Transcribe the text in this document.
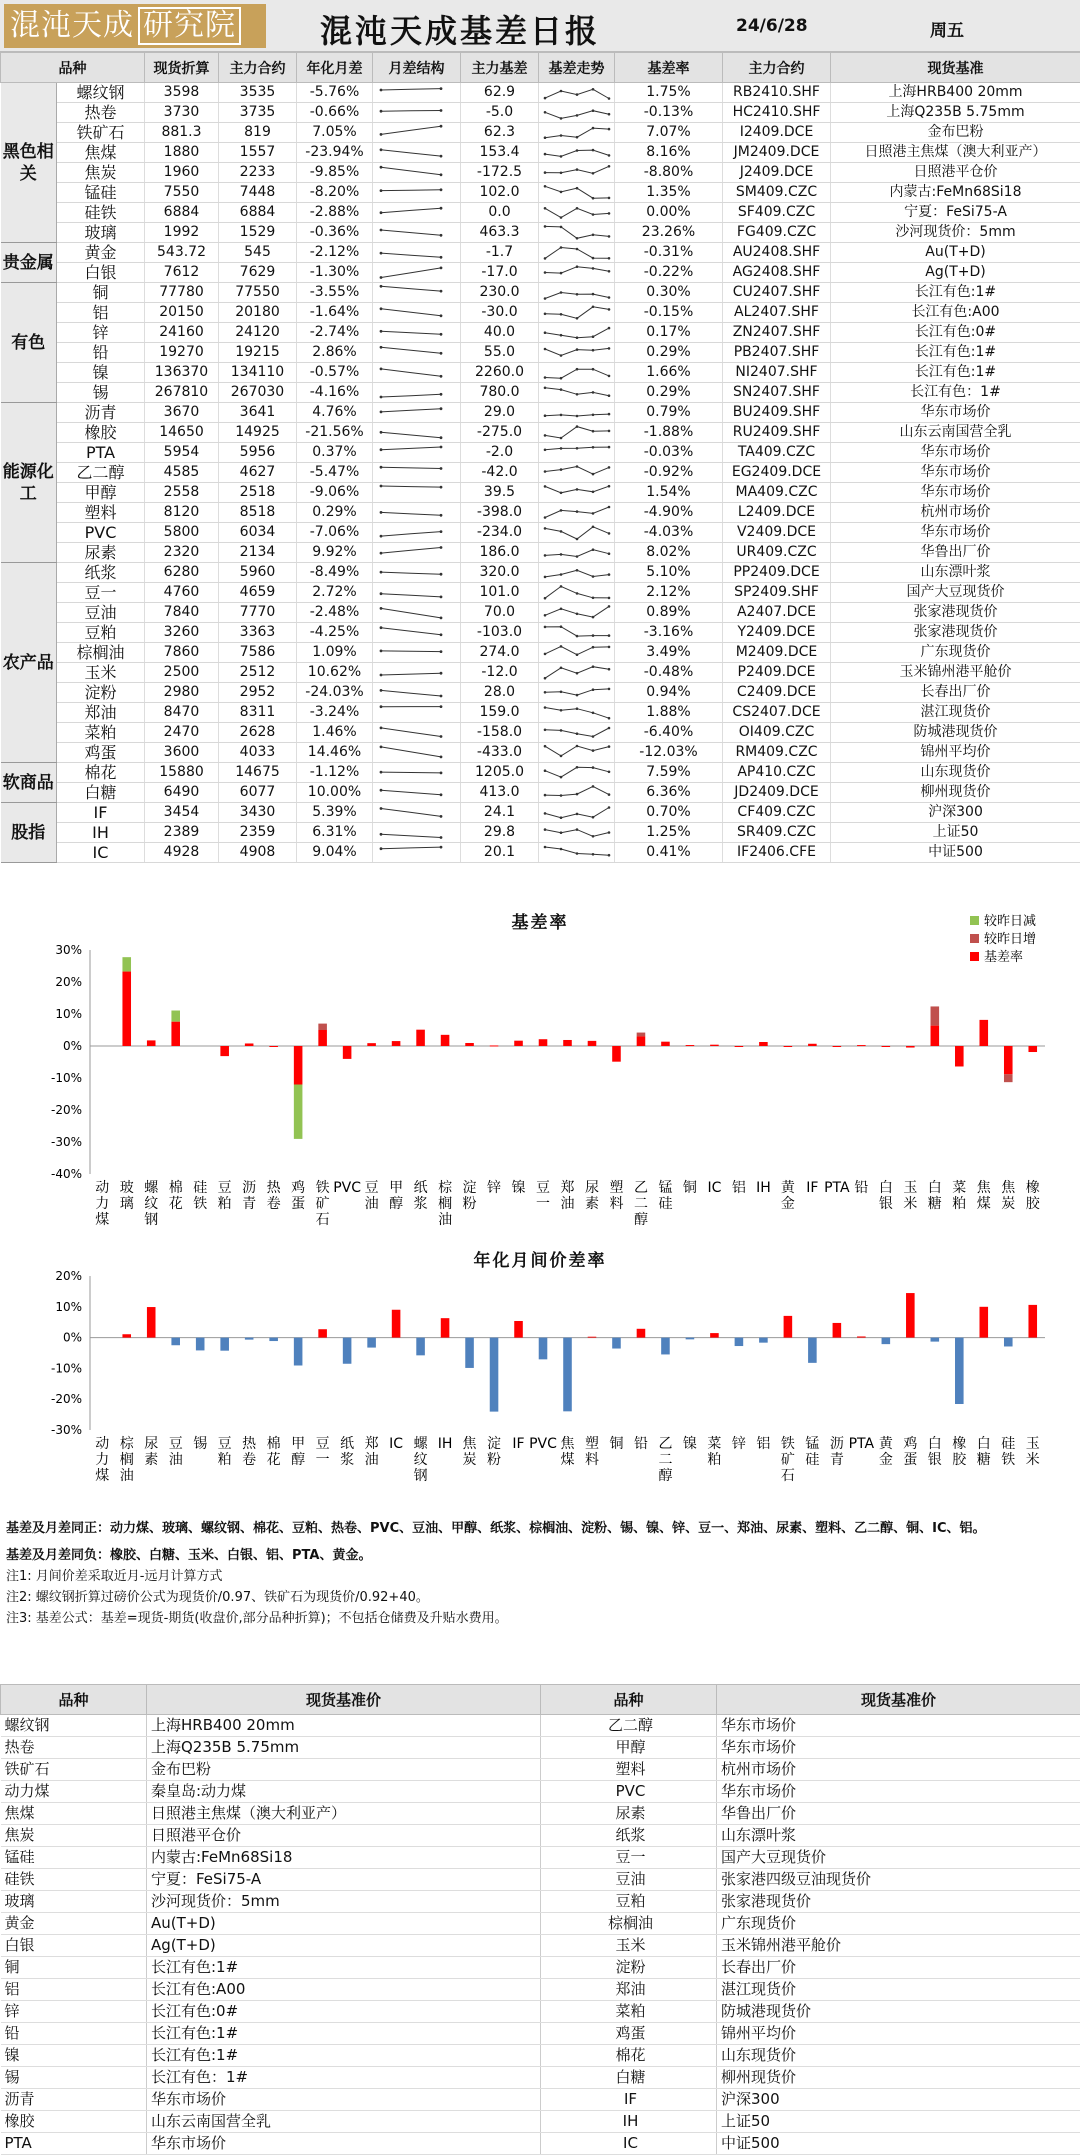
混沌天成 研究院	混沌天成基差日报	24/6/28	周五
品种		现货折算	主力合约	年化月差	月差结构	主力基差	基差走势	基差率	主力合约	现货基准
黑色相关	螺纹钢	3598	3535	-5.76%		62.9		1.75%	RB2410.SHF	上海HRB400 20mm
	热卷	3730	3735	-0.66%		-5.0		-0.13%	HC2410.SHF	上海Q235B 5.75mm
	铁矿石	881.3	819	7.05%		62.3		7.07%	I2409.DCE	金布巴粉
	焦煤	1880	1557	-23.94%		153.4		8.16%	JM2409.DCE	日照港主焦煤（澳大利亚产）
	焦炭	1960	2233	-9.85%		-172.5		-8.80%	J2409.DCE	日照港平仓价
	锰硅	7550	7448	-8.20%		102.0		1.35%	SM409.CZC	内蒙古:FeMn68Si18
	硅铁	6884	6884	-2.88%		0.0		0.00%	SF409.CZC	宁夏：FeSi75-A
	玻璃	1992	1529	-0.36%		463.3		23.26%	FG409.CZC	沙河现货价：5mm
贵金属	黄金	543.72	545	-2.12%		-1.7		-0.31%	AU2408.SHF	Au(T+D)
	白银	7612	7629	-1.30%		-17.0		-0.22%	AG2408.SHF	Ag(T+D)
有色	铜	77780	77550	-3.55%		230.0		0.30%	CU2407.SHF	长江有色:1#
	铝	20150	20180	-1.64%		-30.0		-0.15%	AL2407.SHF	长江有色:A00
	锌	24160	24120	-2.74%		40.0		0.17%	ZN2407.SHF	长江有色:0#
	铅	19270	19215	2.86%		55.0		0.29%	PB2407.SHF	长江有色:1#
	镍	136370	134110	-0.57%		2260.0		1.66%	NI2407.SHF	长江有色:1#
	锡	267810	267030	-4.16%		780.0		0.29%	SN2407.SHF	长江有色：1#
能源化工	沥青	3670	3641	4.76%		29.0		0.79%	BU2409.SHF	华东市场价
	橡胶	14650	14925	-21.56%		-275.0		-1.88%	RU2409.SHF	山东云南国营全乳
	PTA	5954	5956	0.37%		-2.0		-0.03%	TA409.CZC	华东市场价
	乙二醇	4585	4627	-5.47%		-42.0		-0.92%	EG2409.DCE	华东市场价
	甲醇	2558	2518	-9.06%		39.5		1.54%	MA409.CZC	华东市场价
	塑料	8120	8518	0.29%		-398.0		-4.90%	L2409.DCE	杭州市场价
	PVC	5800	6034	-7.06%		-234.0		-4.03%	V2409.DCE	华东市场价
	尿素	2320	2134	9.92%		186.0		8.02%	UR409.CZC	华鲁出厂价
农产品	纸浆	6280	5960	-8.49%		320.0		5.10%	PP2409.DCE	山东漂叶浆
	豆一	4760	4659	2.72%		101.0		2.12%	SP2409.SHF	国产大豆现货价
	豆油	7840	7770	-2.48%		70.0		0.89%	A2407.DCE	张家港现货价
	豆粕	3260	3363	-4.25%		-103.0		-3.16%	Y2409.DCE	张家港现货价
	棕榈油	7860	7586	1.09%		274.0		3.49%	M2409.DCE	广东现货价
	玉米	2500	2512	10.62%		-12.0		-0.48%	P2409.DCE	玉米锦州港平舱价
	淀粉	2980	2952	-24.03%		28.0		0.94%	C2409.DCE	长春出厂价
	郑油	8470	8311	-3.24%		159.0		1.88%	CS2407.DCE	湛江现货价
	菜粕	2470	2628	1.46%		-158.0		-6.40%	OI409.CZC	防城港现货价
	鸡蛋	3600	4033	14.46%		-433.0		-12.03%	RM409.CZC	锦州平均价
软商品	棉花	15880	14675	-1.12%		1205.0		7.59%	AP410.CZC	山东现货价
	白糖	6490	6077	10.00%		413.0		6.36%	JD2409.DCE	柳州现货价
股指	IF	3454	3430	5.39%		24.1		0.70%	CF409.CZC	沪深300
	IH	2389	2359	6.31%		29.8		1.25%	SR409.CZC	上证50
	IC	4928	4908	9.04%		20.1		0.41%	IF2406.CFE	中证500
基差率
30%
20%
10%
0%
-10%
-20%
-30%
-40%
动力煤
玻璃
螺纹钢
棉花
硅铁
豆粕
沥青
热卷
鸡蛋
铁矿石
PVC 豆油
甲醇
纸浆
棕榈油
淀粉
锌 镍 豆一
郑油
尿素
塑料
乙二醇
锰硅
铜 IC 铝 IH 黄金
IF PTA 铅 白银
玉米
白糖
菜粕
焦煤
焦炭
橡胶
较昨日减
较昨日增
基差率
年化月间价差率
20%
10%
0%
-10%
-20%
-30%
动力煤
棕榈油
尿素
豆油
锡 豆粕
热卷
棉花
甲醇
豆一
纸浆
郑油
IC 螺纹钢
IH 焦炭
淀粉
IF PVC 焦煤
塑料
铜 铅 乙二醇
镍 菜粕
锌 铝 铁矿石
锰硅
沥青
PTA 黄金
鸡蛋
白银
橡胶
白糖
硅铁
玉米
基差及月差同正：动力煤、玻璃、螺纹钢、棉花、豆粕、热卷、PVC、豆油、甲醇、纸浆、棕榈油、淀粉、锡、镍、锌、豆一、郑油、尿素、塑料、乙二醇、铜、IC、铝。
基差及月差同负：橡胶、白糖、玉米、白银、铝、PTA、黄金。
注1: 月间价差采取近月-远月计算方式
注2: 螺纹钢折算过磅价公式为现货价/0.97、铁矿石为现货价/0.92+40。
注3: 基差公式：基差=现货-期货(收盘价,部分品种折算)；不包括仓储费及升贴水费用。
品种	现货基准价	品种	现货基准价
螺纹钢	上海HRB400 20mm	乙二醇	华东市场价
热卷	上海Q235B 5.75mm	甲醇	华东市场价
铁矿石	金布巴粉	塑料	杭州市场价
动力煤	秦皇岛:动力煤	PVC	华东市场价
焦煤	日照港主焦煤（澳大利亚产）	尿素	华鲁出厂价
焦炭	日照港平仓价	纸浆	山东漂叶浆
锰硅	内蒙古:FeMn68Si18	豆一	国产大豆现货价
硅铁	宁夏：FeSi75-A	豆油	张家港四级豆油现货价
玻璃	沙河现货价：5mm	豆粕	张家港现货价
黄金	Au(T+D)	棕榈油	广东现货价
白银	Ag(T+D)	玉米	玉米锦州港平舱价
铜	长江有色:1#	淀粉	长春出厂价
铝	长江有色:A00	郑油	湛江现货价
锌	长江有色:0#	菜粕	防城港现货价
铅	长江有色:1#	鸡蛋	锦州平均价
镍	长江有色:1#	棉花	山东现货价
锡	长江有色：1#	白糖	柳州现货价
沥青	华东市场价	IF	沪深300
橡胶	山东云南国营全乳	IH	上证50
PTA	华东市场价	IC	中证500
